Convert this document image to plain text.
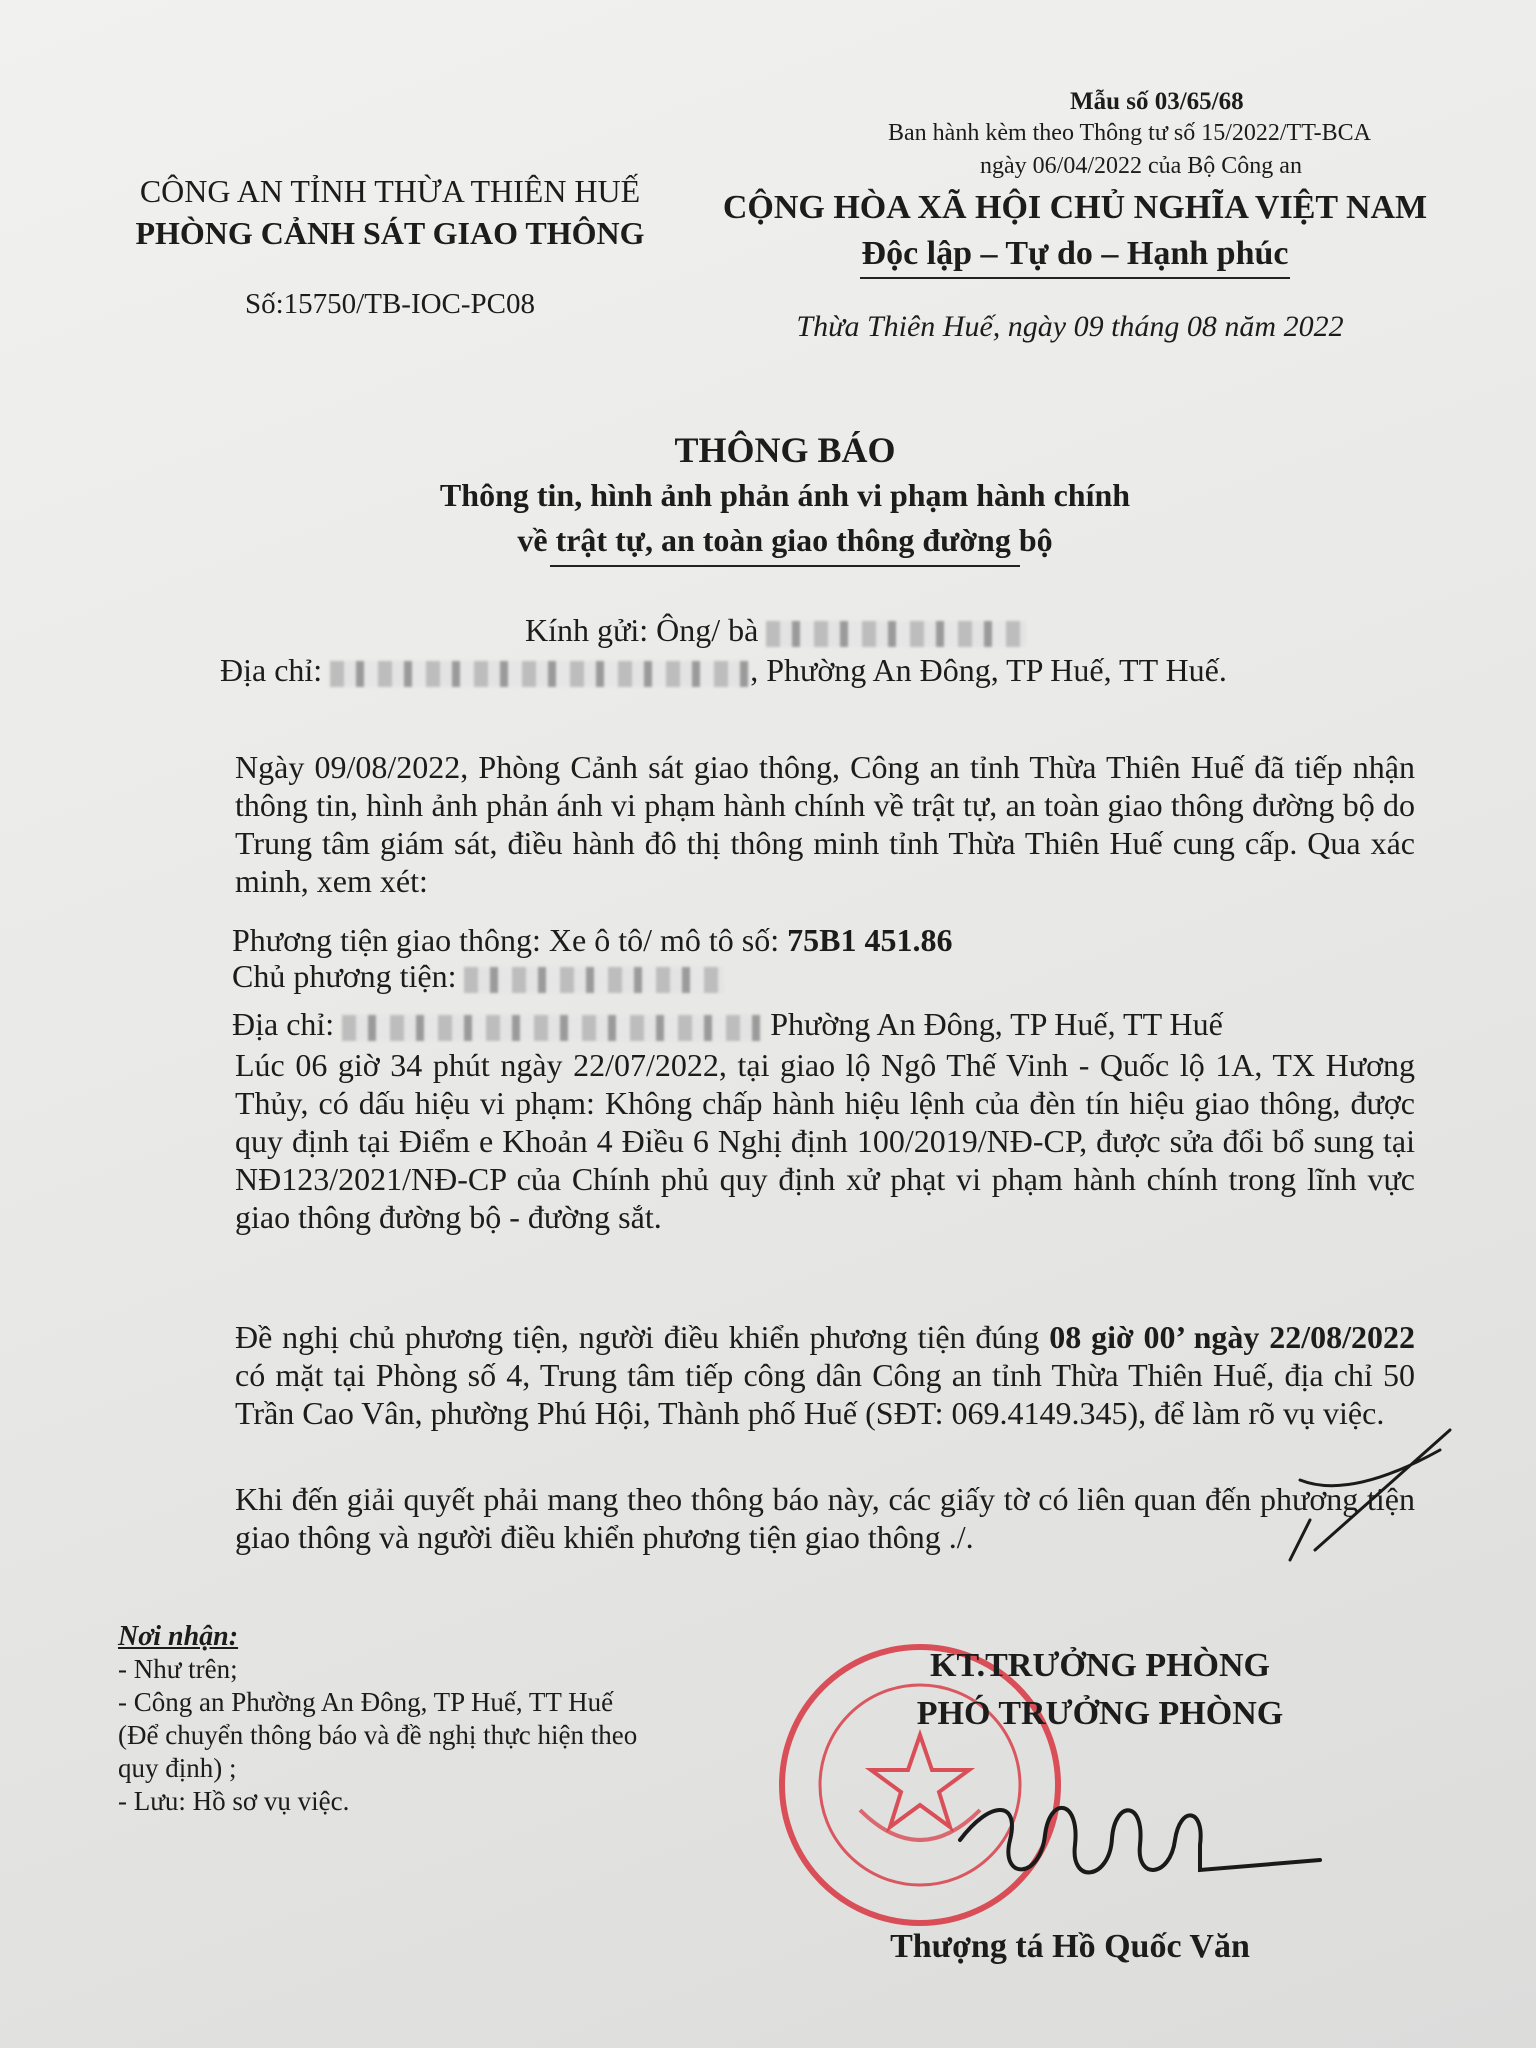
Mẫu số 03/65/68
Ban hành kèm theo Thông tư số 15/2022/TT-BCA
ngày 06/04/2022 của Bộ Công an
CÔNG AN TỈNH THỪA THIÊN HUẾ
PHÒNG CẢNH SÁT GIAO THÔNG
Số:15750/TB-IOC-PC08
CỘNG HÒA XÃ HỘI CHỦ NGHĨA VIỆT NAM
Độc lập – Tự do – Hạnh phúc
Thừa Thiên Huế, ngày 09 tháng 08 năm 2022
THÔNG BÁO
Thông tin, hình ảnh phản ánh vi phạm hành chính
về trật tự, an toàn giao thông đường bộ
Kính gửi: Ông/ bà
Địa chỉ:	, Phường An Đông, TP Huế, TT Huế.
Ngày 09/08/2022, Phòng Cảnh sát giao thông, Công an tỉnh Thừa Thiên Huế đã tiếp nhận thông tin, hình ảnh phản ánh vi phạm hành chính về trật tự, an toàn giao thông đường bộ do Trung tâm giám sát, điều hành đô thị thông minh tỉnh Thừa Thiên Huế cung cấp. Qua xác minh, xem xét:
Phương tiện giao thông: Xe ô tô/ mô tô số: 75B1 451.86
Chủ phương tiện:
Địa chỉ:	Phường An Đông, TP Huế, TT Huế
Lúc 06 giờ 34 phút ngày 22/07/2022, tại giao lộ Ngô Thế Vinh - Quốc lộ 1A, TX Hương Thủy, có dấu hiệu vi phạm: Không chấp hành hiệu lệnh của đèn tín hiệu giao thông, được quy định tại Điểm e Khoản 4 Điều 6 Nghị định 100/2019/NĐ-CP, được sửa đổi bổ sung tại NĐ123/2021/NĐ-CP của Chính phủ quy định xử phạt vi phạm hành chính trong lĩnh vực giao thông đường bộ - đường sắt.
Đề nghị chủ phương tiện, người điều khiển phương tiện đúng 08 giờ 00’ ngày 22/08/2022 có mặt tại Phòng số 4, Trung tâm tiếp công dân Công an tỉnh Thừa Thiên Huế, địa chỉ 50 Trần Cao Vân, phường Phú Hội, Thành phố Huế (SĐT: 069.4149.345), để làm rõ vụ việc.
Khi đến giải quyết phải mang theo thông báo này, các giấy tờ có liên quan đến phương tiện giao thông và người điều khiển phương tiện giao thông ./.
Nơi nhận:
- Như trên;
- Công an Phường An Đông, TP Huế, TT Huế
(Để chuyển thông báo và đề nghị thực hiện theo
quy định) ;
- Lưu: Hồ sơ vụ việc.
KT.TRƯỞNG PHÒNG
PHÓ TRƯỞNG PHÒNG
Thượng tá Hồ Quốc Văn
